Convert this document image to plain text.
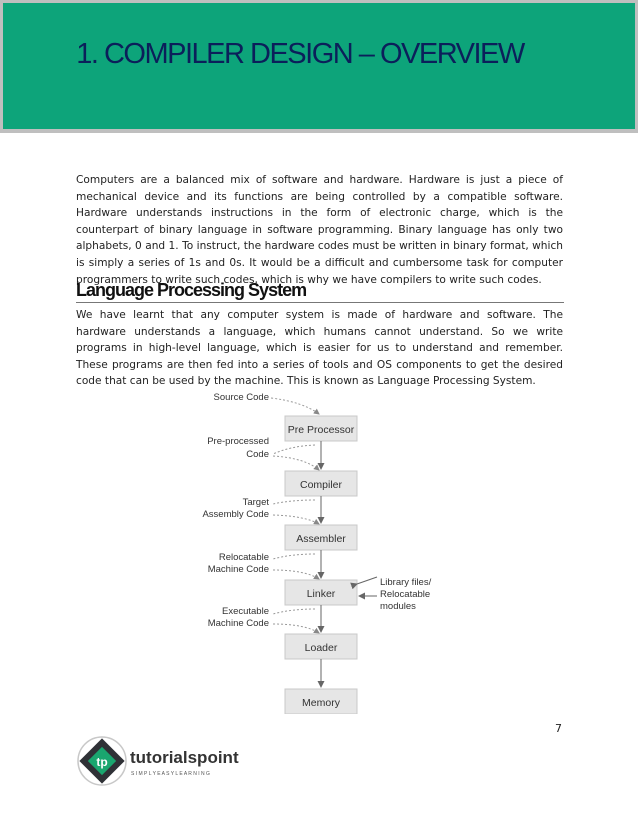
1. COMPILER DESIGN – OVERVIEW

Computers are a balanced mix of software and hardware. Hardware is just a piece of mechanical device and its functions are being controlled by a compatible software. Hardware understands instructions in the form of electronic charge, which is the counterpart of binary language in software programming. Binary language has only two alphabets, 0 and 1. To instruct, the hardware codes must be written in binary format, which is simply a series of 1s and 0s. It would be a difficult and cumbersome task for computer programmers to write such codes, which is why we have compilers to write such codes.

Language Processing System

We have learnt that any computer system is made of hardware and software. The hardware understands a language, which humans cannot understand. So we write programs in high-level language, which is easier for us to understand and remember. These programs are then fed into a series of tools and OS components to get the desired code that can be used by the machine. This is known as Language Processing System.

Pre Processor
Compiler
Assembler
Linker
Loader
Memory
Source Code
Pre-processed
Code
Target
Assembly Code
Relocatable
Machine Code
Executable
Machine Code
Library files/
Relocatable
modules
7
tp tutorialspoint
S I M P L Y E A S Y L E A R N I N G
